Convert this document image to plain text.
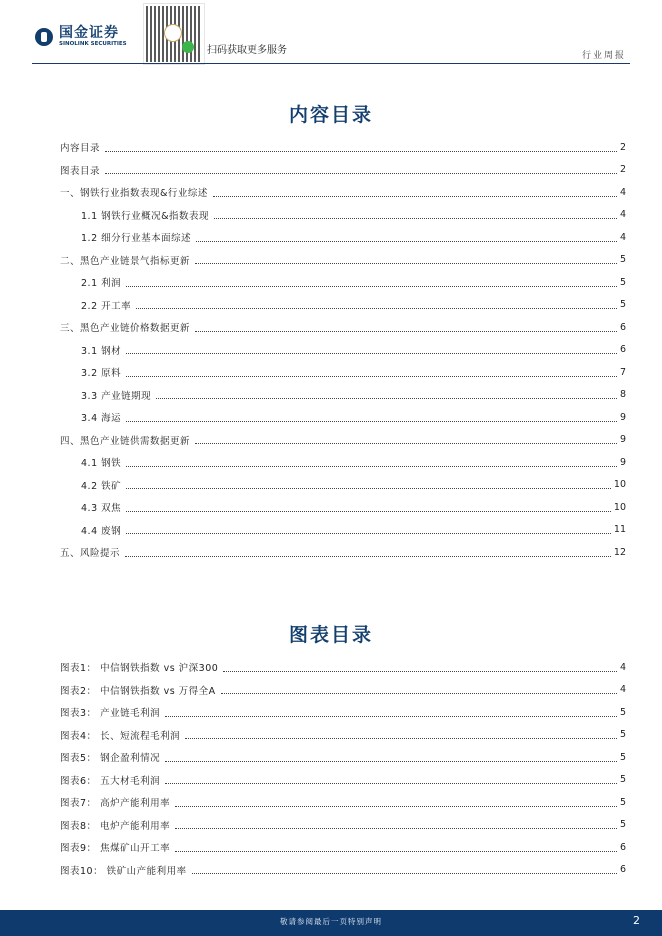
国金证券
SINOLINK SECURITIES
扫码获取更多服务	行业周报
内容目录
内容目录	2
图表目录	2
一、钢铁行业指数表现&行业综述	4
1.1 钢铁行业概况&指数表现	4
1.2 细分行业基本面综述	4
二、黑色产业链景气指标更新	5
2.1 利润	5
2.2 开工率	5
三、黑色产业链价格数据更新	6
3.1 钢材	6
3.2 原料	7
3.3 产业链期现	8
3.4 海运	9
四、黑色产业链供需数据更新	9
4.1 钢铁	9
4.2 铁矿	10
4.3 双焦	10
4.4 废钢	11
五、风险提示	12
图表目录
图表1： 中信钢铁指数 vs 沪深300	4
图表2： 中信钢铁指数 vs 万得全A	4
图表3： 产业链毛利润	5
图表4： 长、短流程毛利润	5
图表5： 钢企盈利情况	5
图表6： 五大材毛利润	5
图表7： 高炉产能利用率	5
图表8： 电炉产能利用率	5
图表9： 焦煤矿山开工率	6
图表10： 铁矿山产能利用率	6
敬请参阅最后一页特别声明	2
